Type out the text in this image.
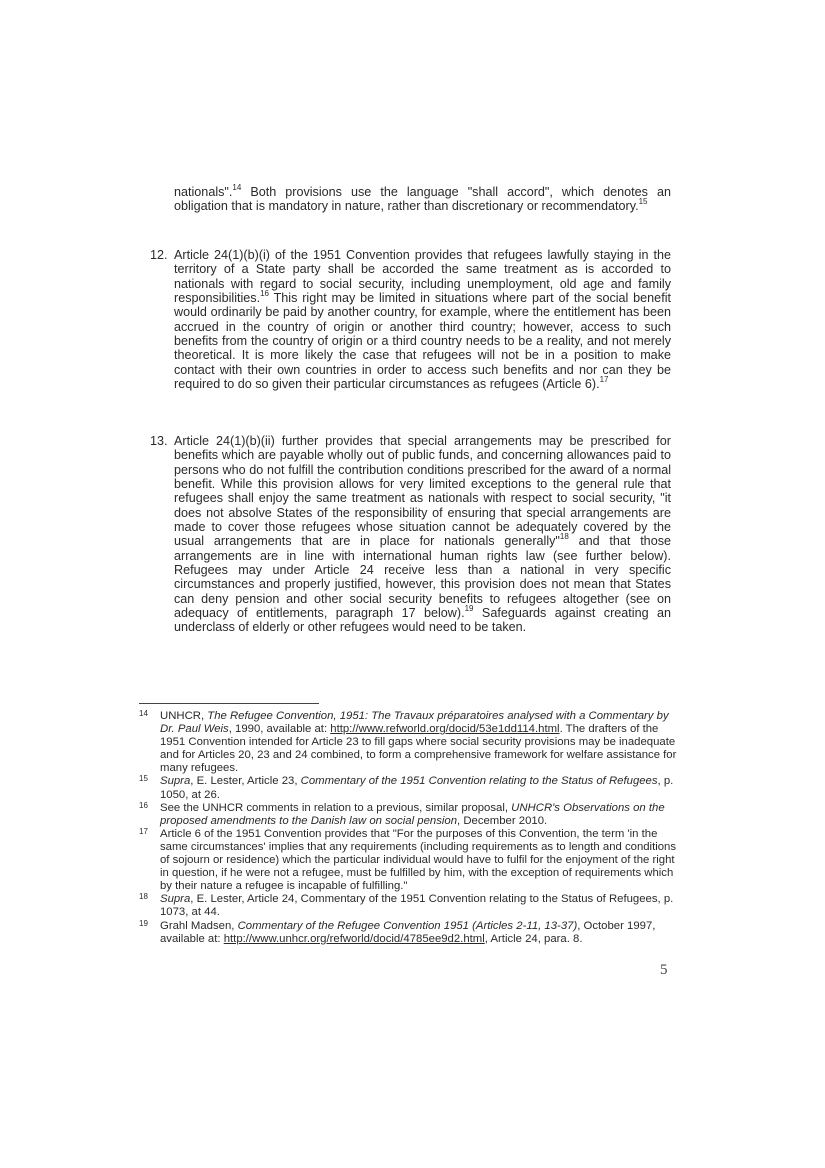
nationals".$^{14}$ Both provisions use the language "shall accord", which denotes an obligation that is mandatory in nature, rather than discretionary or recommendatory.$^{15}$
12. Article 24(1)(b)(i) of the 1951 Convention provides that refugees lawfully staying in the territory of a State party shall be accorded the same treatment as is accorded to nationals with regard to social security, including unemployment, old age and family responsibilities.$^{16}$ This right may be limited in situations where part of the social benefit would ordinarily be paid by another country, for example, where the entitlement has been accrued in the country of origin or another third country; however, access to such benefits from the country of origin or a third country needs to be a reality, and not merely theoretical. It is more likely the case that refugees will not be in a position to make contact with their own countries in order to access such benefits and nor can they be required to do so given their particular circumstances as refugees (Article 6).$^{17}$
13. Article 24(1)(b)(ii) further provides that special arrangements may be prescribed for benefits which are payable wholly out of public funds, and concerning allowances paid to persons who do not fulfill the contribution conditions prescribed for the award of a normal benefit. While this provision allows for very limited exceptions to the general rule that refugees shall enjoy the same treatment as nationals with respect to social security, "it does not absolve States of the responsibility of ensuring that special arrangements are made to cover those refugees whose situation cannot be adequately covered by the usual arrangements that are in place for nationals generally"$^{18}$ and that those arrangements are in line with international human rights law (see further below). Refugees may under Article 24 receive less than a national in very specific circumstances and properly justified, however, this provision does not mean that States can deny pension and other social security benefits to refugees altogether (see on adequacy of entitlements, paragraph 17 below).$^{19}$ Safeguards against creating an underclass of elderly or other refugees would need to be taken.
14	UNHCR, The Refugee Convention, 1951: The Travaux préparatoires analysed with a Commentary by Dr. Paul Weis, 1990, available at: http://www.refworld.org/docid/53e1dd114.html. The drafters of the 1951 Convention intended for Article 23 to fill gaps where social security provisions may be inadequate and for Articles 20, 23 and 24 combined, to form a comprehensive framework for welfare assistance for many refugees.
15	Supra, E. Lester, Article 23, Commentary of the 1951 Convention relating to the Status of Refugees, p. 1050, at 26.
16	See the UNHCR comments in relation to a previous, similar proposal, UNHCR's Observations on the proposed amendments to the Danish law on social pension, December 2010.
17	Article 6 of the 1951 Convention provides that "For the purposes of this Convention, the term 'in the same circumstances' implies that any requirements (including requirements as to length and conditions of sojourn or residence) which the particular individual would have to fulfil for the enjoyment of the right in question, if he were not a refugee, must be fulfilled by him, with the exception of requirements which by their nature a refugee is incapable of fulfilling."
18	Supra, E. Lester, Article 24, Commentary of the 1951 Convention relating to the Status of Refugees, p. 1073, at 44.
19	Grahl Madsen, Commentary of the Refugee Convention 1951 (Articles 2-11, 13-37), October 1997, available at: http://www.unhcr.org/refworld/docid/4785ee9d2.html, Article 24, para. 8.
5
